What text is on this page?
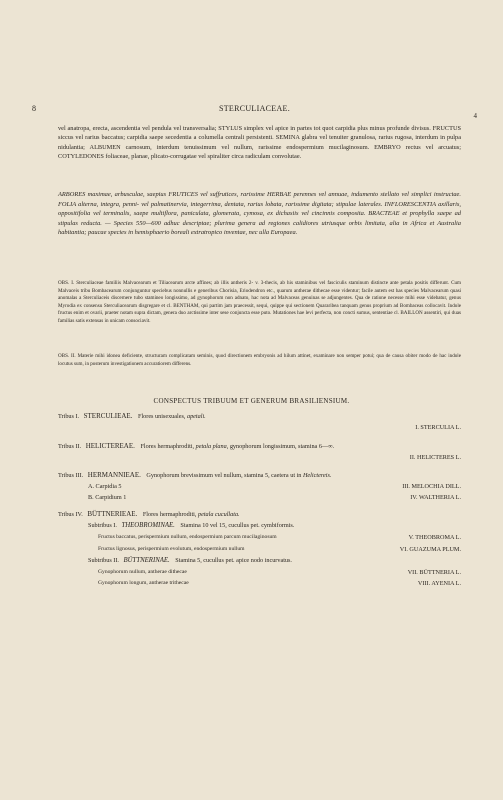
8	STERCULIACEAE.
4

vel anatropa, erecta, ascendentia vel pendula vel transversalia; STYLUS simplex vel apice in partes tot quot carpidia plus minus profunde divisus. FRUCTUS siccus vel rarius baccatus; carpidia saepe secedentia a columella centrali persistenti. SEMINA glabra vel tenuiter granulosa, rarius rugosa, interdum in pulpa nidulantia; ALBUMEN carnosum, interdum tenuissimum vel nullum, rarissime endospermium mucilaginosum. EMBRYO rectus vel arcuatus; COTYLEDONES foliaceae, planae, plicato-corrugatae vel spiraliter circa radiculam convolutae.

ARBORES maximae, arbusculae, saepius FRUTICES vel suffrutices, rarissime HERBAE perennes vel annuae, indumento stellato vel simplici instructae. FOLIA alterna, integra, penni- vel palmatinervia, integerrima, dentata, rarius lobata, rarissime digitata; stipulae laterales. INFLORESCENTIA axillaris, oppositifolia vel terminalis, saepe multiflora, paniculata, glomerata, cymosa, ex dichasiis vel cincinnis composita. BRACTEAE et prophylla saepe ad stipulas reducta. — Species 550—600 adhuc descriptae; plurima genera ad regiones calidiores utriusque orbis limitata, alia in Africa et Australia habitantia; paucae species in hemisphaerio boreali extratropico inventae, nec ulla Europaea.

OBS. I. Sterculiaceae familiis Malvacearum et Tiliacearum arcte affines; ab illis antheris 2- v. 3-thecis, ab his staminibus vel fasciculis staminum distincte ante petala positis differunt. Cum Malvaceis tribu Bombacearum conjunguntur speciebus nonnullis e generibus Chorisia, Eriodendron etc., quarum antherae dithecae esse videntur; facile autem est has species Malvacearum quasi anomalas a Sterculiaceis discernere tubo stamineo longissimo, ad gynophorum non adnato, hac nota ad Malvaceas genuinas se adjungentes. Qua de ratione necesse mihi esse videbatur, genus Myrodia ex consensu Sterculiacearum disgregare et cl. BENTHAM, qui partim jam praecessit, sequi, quippe qui sectionem Quararibea tanquam genus proprium ad Bombaceas collocavit. Indole fructus enim et ovarii, praeter notam supra dictam, genera duo arctissime inter sese conjuncta esse puto. Mutationes hae levi perfecta, non concti sumus, sententiae cl. BAILLON assentiri, qui duas familias satis extensas in unicam consociavit.

OBS. II. Materie mihi idonea deficiente, structuram complicatam seminis, quod directionem embryonis ad hilum attinet, examinare non semper potui; qua de causa obiter modo de hac indole locutus sum, in posterum investigationem accuratiorem differens.

CONSPECTUS TRIBUUM ET GENERUM BRASILIENSIUM.
Tribus I. STERCULIEAE. Flores unisexuales, apetali.
I. STERCULIA L.
Tribus II. HELICTEREAE. Flores hermaphroditi, petala plana, gynophorum longissimum, stamina 6—∞.
II. HELICTERES L.
Tribus III. HERMANNIEAE. Gynophorum brevissimum vel nullum, stamina 5, caetera ut in Helictereis.
A. Carpidia 5	III. MELOCHIA DILL.
B. Carpidium 1	IV. WALTHERIA L.
Tribus IV. BÜTTNERIEAE. Flores hermaphroditi, petala cucullata.
Subtribus I. THEOBROMINAE. Stamina 10 vel 15, cucullus pet. cymbiformis.
Fructus baccatus, perispermium nullum, endospermium parcum mucilaginosum	V. THEOBROMA L.
Fructus lignosus, perispermium evolutum, endospermium nullum	VI. GUAZUMA PLUM.
Subtribus II. BÜTTNERINAE. Stamina 5, cucullus pet. apice nodo incurvatus.
Gynophorum nullum, antherae dithecae	VII. BÜTTNERIA L.
Gynophorum longum, antherae trithecae	VIII. AYENIA L.
